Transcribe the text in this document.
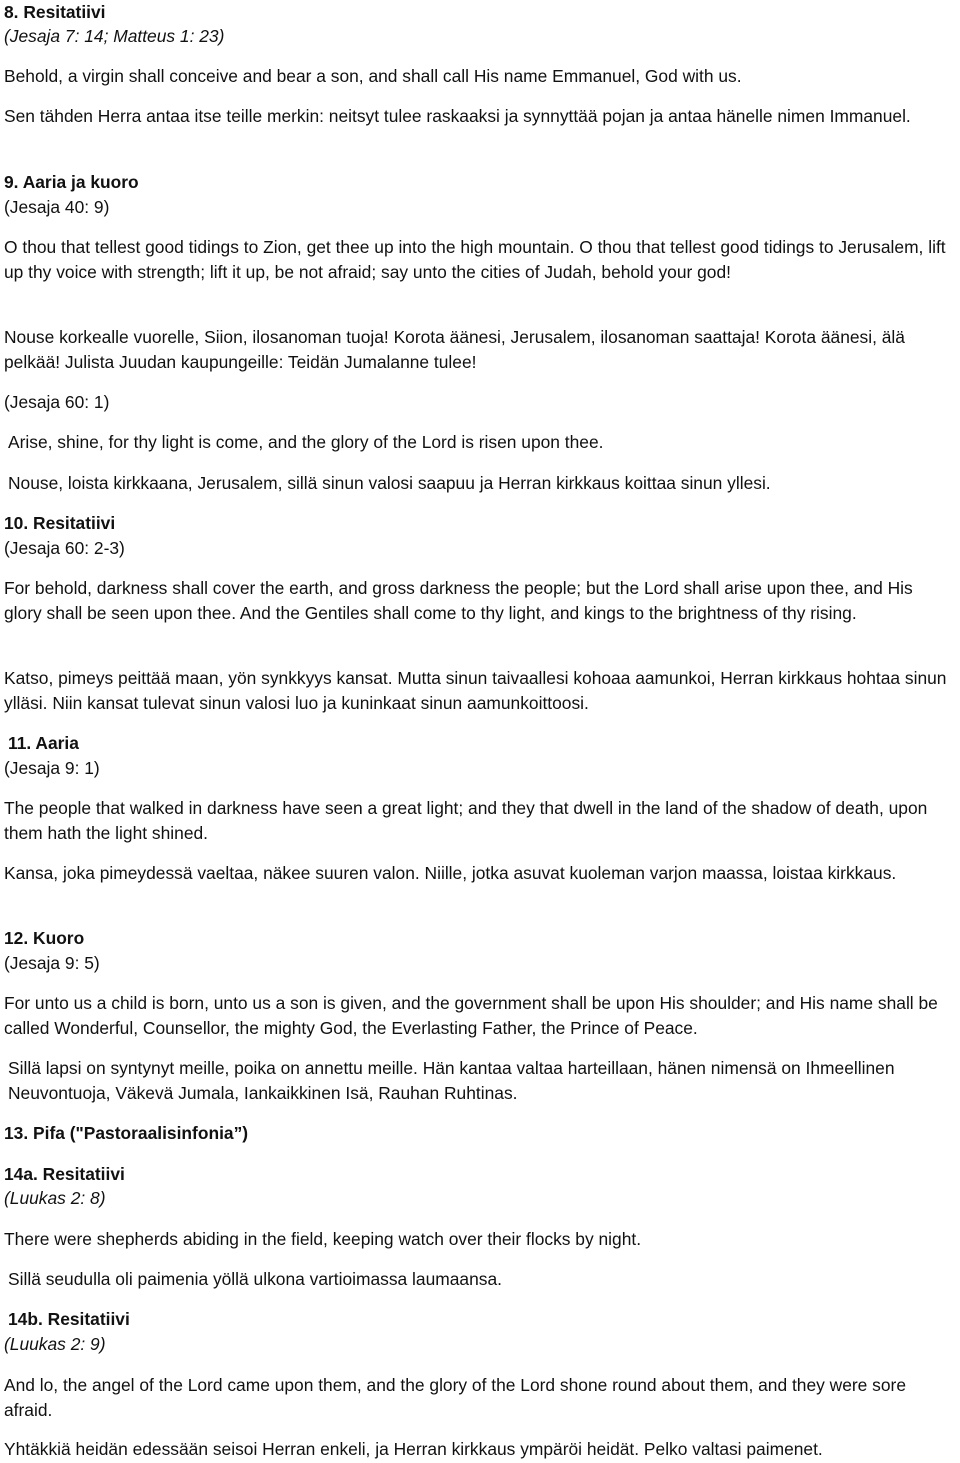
8. Resitatiivi
(Jesaja 7: 14; Matteus 1: 23)
Behold, a virgin shall conceive and bear a son, and shall call His name Emmanuel, God with us.
Sen tähden Herra antaa itse teille merkin: neitsyt tulee raskaaksi ja synnyttää pojan ja antaa hänelle nimen Immanuel.
9. Aaria ja kuoro
(Jesaja 40: 9)
O thou that tellest good tidings to Zion, get thee up into the high mountain. O thou that tellest good tidings to Jerusalem, lift up thy voice with strength; lift it up, be not afraid; say unto the cities of Judah, behold your god!
Nouse korkealle vuorelle, Siion, ilosanoman tuoja! Korota äänesi, Jerusalem, ilosanoman saattaja! Korota äänesi, älä pelkää! Julista Juudan kaupungeille: Teidän Jumalanne tulee!
(Jesaja 60: 1)
Arise, shine, for thy light is come, and the glory of the Lord is risen upon thee.
Nouse, loista kirkkaana, Jerusalem, sillä sinun valosi saapuu ja Herran kirkkaus koittaa sinun yllesi.
10. Resitatiivi
(Jesaja 60: 2-3)
For behold, darkness shall cover the earth, and gross darkness the people; but the Lord shall arise upon thee, and His glory shall be seen upon thee. And the Gentiles shall come to thy light, and kings to the brightness of thy rising.
Katso, pimeys peittää maan, yön synkkyys kansat. Mutta sinun taivaallesi kohoaa aamunkoi, Herran kirkkaus hohtaa sinun ylläsi. Niin kansat tulevat sinun valosi luo ja kuninkaat sinun aamunkoittoosi.
11. Aaria
(Jesaja 9: 1)
The people that walked in darkness have seen a great light; and they that dwell in the land of the shadow of death, upon them hath the light shined.
Kansa, joka pimeydessä vaeltaa, näkee suuren valon. Niille, jotka asuvat kuoleman varjon maassa, loistaa kirkkaus.
12. Kuoro
(Jesaja 9: 5)
For unto us a child is born, unto us a son is given, and the government shall be upon His shoulder; and His name shall be called Wonderful, Counsellor, the mighty God, the Everlasting Father, the Prince of Peace.
Sillä lapsi on syntynyt meille, poika on annettu meille. Hän kantaa valtaa harteillaan, hänen nimensä on Ihmeellinen Neuvontuoja, Väkevä Jumala, Iankaikkinen Isä, Rauhan Ruhtinas.
13. Pifa ("Pastoraalisinfonia”)
14a. Resitatiivi
(Luukas 2: 8)
There were shepherds abiding in the field, keeping watch over their flocks by night.
Sillä seudulla oli paimenia yöllä ulkona vartioimassa laumaansa.
14b. Resitatiivi
(Luukas 2: 9)
And lo, the angel of the Lord came upon them, and the glory of the Lord shone round about them, and they were sore afraid.
Yhtäkkiä heidän edessään seisoi Herran enkeli, ja Herran kirkkaus ympäröi heidät. Pelko valtasi paimenet.
